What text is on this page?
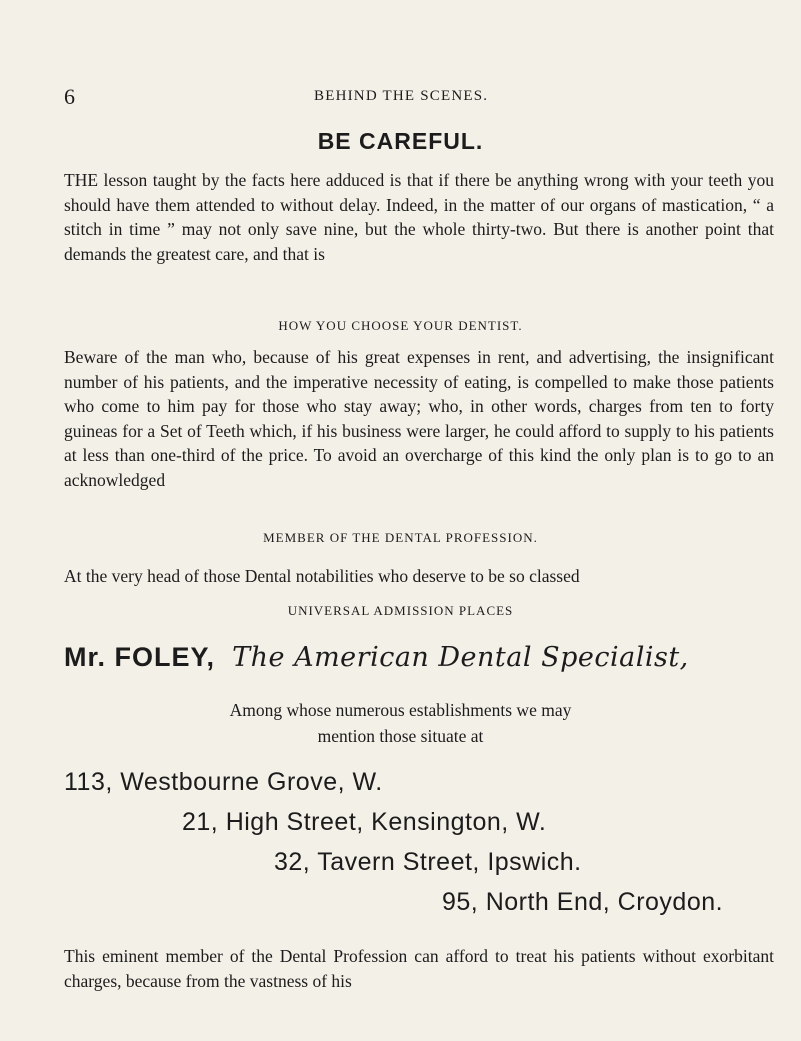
6	BEHIND THE SCENES.
BE CAREFUL.

THE lesson taught by the facts here adduced is that if there be anything wrong with your teeth you should have them attended to without delay. Indeed, in the matter of our organs of mastication, “ a stitch in time ” may not only save nine, but the whole thirty-two. But there is another point that demands the greatest care, and that is

HOW YOU CHOOSE YOUR DENTIST.

Beware of the man who, because of his great expenses in rent, and advertising, the insignificant number of his patients, and the imperative necessity of eating, is compelled to make those patients who come to him pay for those who stay away; who, in other words, charges from ten to forty guineas for a Set of Teeth which, if his business were larger, he could afford to supply to his patients at less than one-third of the price. To avoid an overcharge of this kind the only plan is to go to an acknowledged

MEMBER OF THE DENTAL PROFESSION.

At the very head of those Dental notabilities who deserve to be so classed

UNIVERSAL ADMISSION PLACES
Mr. FOLEY, The American Dental Specialist,
Among whose numerous establishments we may
mention those situate at
113, Westbourne Grove, W.
21, High Street, Kensington, W.
32, Tavern Street, Ipswich.
95, North End, Croydon.

This eminent member of the Dental Profession can afford to treat his patients without exorbitant charges, because from the vastness of his
